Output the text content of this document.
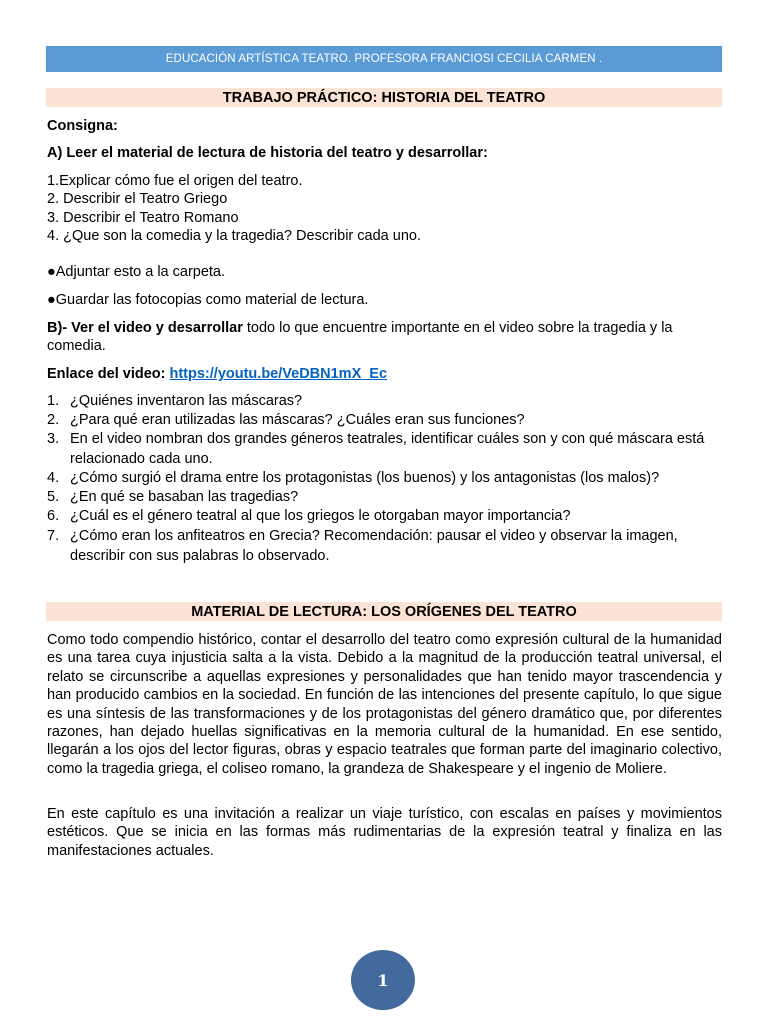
EDUCACIÓN ARTÍSTICA TEATRO. PROFESORA FRANCIOSI CECILIA CARMEN .
TRABAJO PRÁCTICO: HISTORIA DEL TEATRO
Consigna:
A) Leer el material de lectura de historia del teatro y desarrollar:
1.Explicar cómo fue el origen del teatro.
2. Describir el Teatro Griego
3. Describir el Teatro Romano
4. ¿Que son la comedia y la tragedia? Describir cada uno.
●Adjuntar esto a la carpeta.
●Guardar las fotocopias como material de lectura.
B)- Ver el video y desarrollar todo lo que encuentre importante en el video sobre la tragedia y la
comedia.
Enlace del video: https://youtu.be/VeDBN1mX_Ec
1. ¿Quiénes inventaron las máscaras?
2. ¿Para qué eran utilizadas las máscaras? ¿Cuáles eran sus funciones?
3. En el video nombran dos grandes géneros teatrales, identificar cuáles son y con qué máscara está relacionado cada uno.
4. ¿Cómo surgió el drama entre los protagonistas (los buenos) y los antagonistas (los malos)?
5. ¿En qué se basaban las tragedias?
6. ¿Cuál es el género teatral al que los griegos le otorgaban mayor importancia?
7. ¿Cómo eran los anfiteatros en Grecia? Recomendación: pausar el video y observar la imagen, describir con sus palabras lo observado.
MATERIAL DE LECTURA: LOS ORÍGENES DEL TEATRO
Como todo compendio histórico, contar el desarrollo del teatro como expresión cultural de la humanidad es una tarea cuya injusticia salta a la vista. Debido a la magnitud de la producción teatral universal, el relato se circunscribe a aquellas expresiones y personalidades que han tenido mayor trascendencia y han producido cambios en la sociedad. En función de las intenciones del presente capítulo, lo que sigue es una síntesis de las transformaciones y de los protagonistas del género dramático que, por diferentes razones, han dejado huellas significativas en la memoria cultural de la humanidad. En ese sentido, llegarán a los ojos del lector figuras, obras y espacio teatrales que forman parte del imaginario colectivo, como la tragedia griega, el coliseo romano, la grandeza de Shakespeare y el ingenio de Moliere.
En este capítulo es una invitación a realizar un viaje turístico, con escalas en países y movimientos estéticos. Que se inicia en las formas más rudimentarias de la expresión teatral y finaliza en las manifestaciones actuales.
1
